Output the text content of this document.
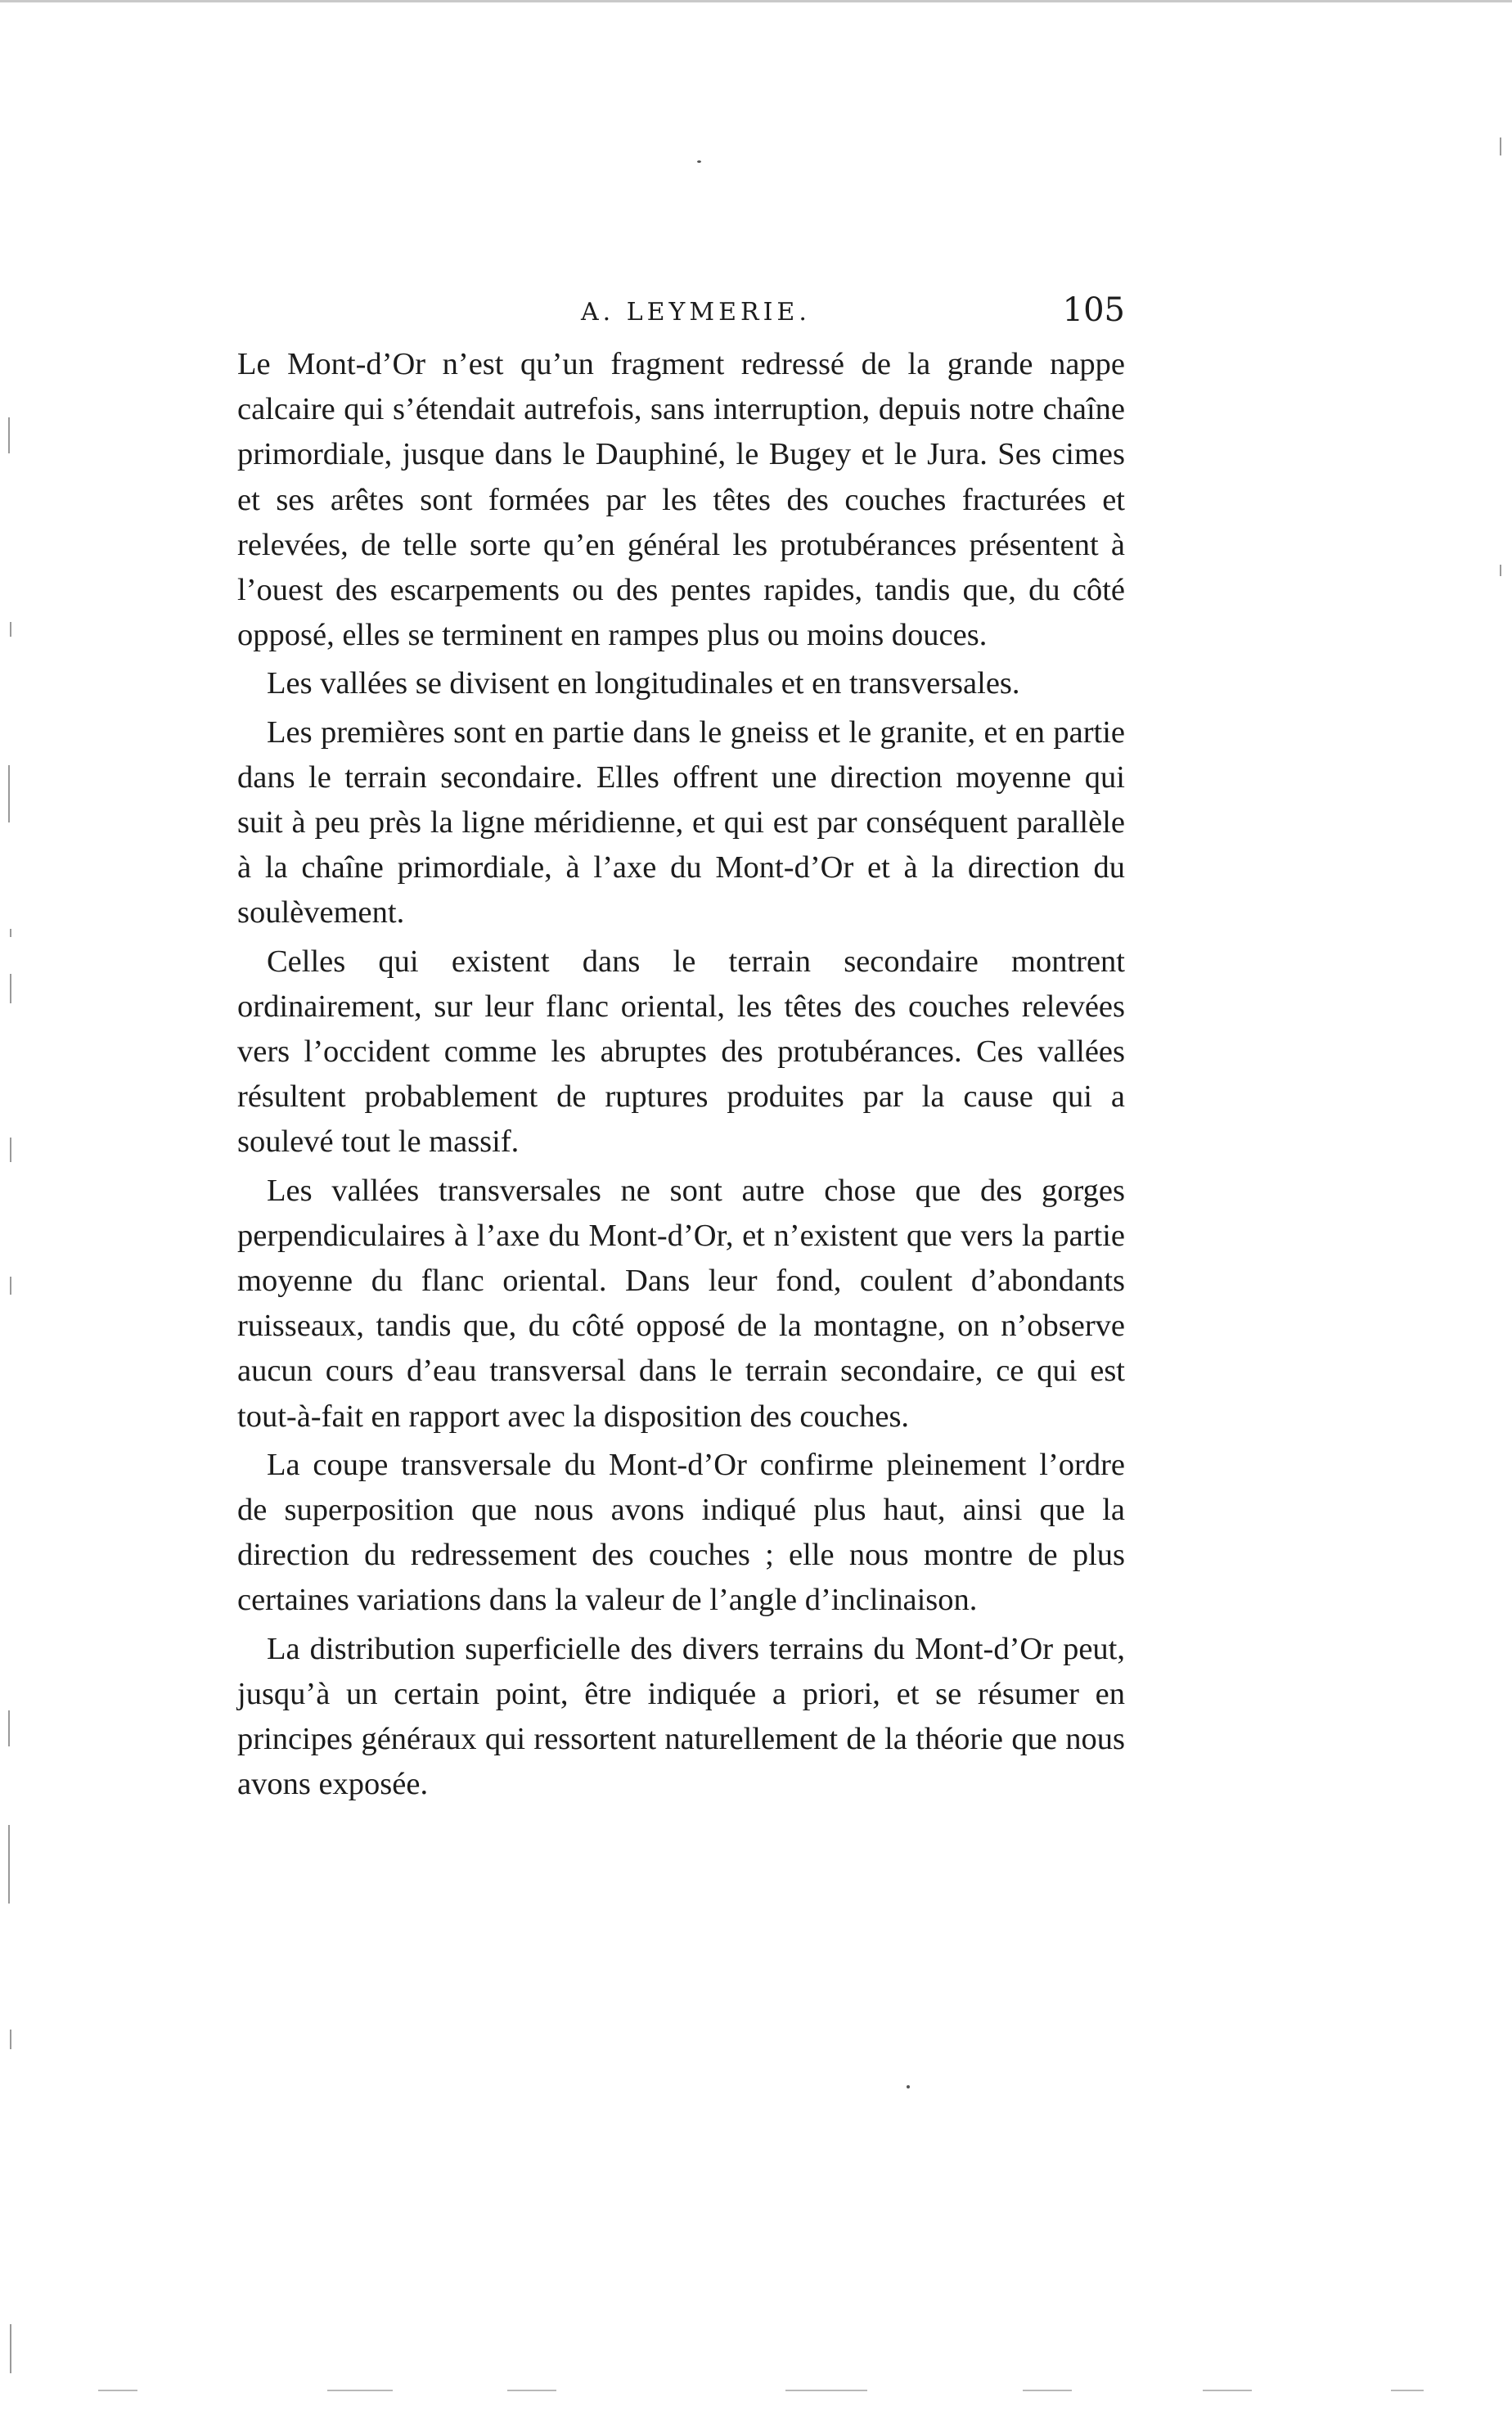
A. LEYMERIE.	105

Le Mont-d’Or n’est qu’un fragment redressé de la grande nappe calcaire qui s’étendait autrefois, sans interruption, depuis notre chaîne primordiale, jusque dans le Dauphiné, le Bugey et le Jura. Ses cimes et ses arêtes sont formées par les têtes des couches fracturées et relevées, de telle sorte qu’en général les protubérances présentent à l’ouest des escarpements ou des pentes rapides, tandis que, du côté opposé, elles se terminent en rampes plus ou moins douces.

Les vallées se divisent en longitudinales et en transversales.

Les premières sont en partie dans le gneiss et le granite, et en partie dans le terrain secondaire. Elles offrent une direction moyenne qui suit à peu près la ligne méridienne, et qui est par conséquent parallèle à la chaîne primordiale, à l’axe du Mont-d’Or et à la direction du soulèvement.

Celles qui existent dans le terrain secondaire montrent ordinairement, sur leur flanc oriental, les têtes des couches relevées vers l’occident comme les abruptes des protubérances. Ces vallées résultent probablement de ruptures produites par la cause qui a soulevé tout le massif.

Les vallées transversales ne sont autre chose que des gorges perpendiculaires à l’axe du Mont-d’Or, et n’existent que vers la partie moyenne du flanc oriental. Dans leur fond, coulent d’abondants ruisseaux, tandis que, du côté opposé de la montagne, on n’observe aucun cours d’eau transversal dans le terrain secondaire, ce qui est tout-à-fait en rapport avec la disposition des couches.

La coupe transversale du Mont-d’Or confirme pleinement l’ordre de superposition que nous avons indiqué plus haut, ainsi que la direction du redressement des couches ; elle nous montre de plus certaines variations dans la valeur de l’angle d’inclinaison.

La distribution superficielle des divers terrains du Mont-d’Or peut, jusqu’à un certain point, être indiquée a priori, et se résumer en principes généraux qui ressortent naturellement de la théorie que nous avons exposée.
